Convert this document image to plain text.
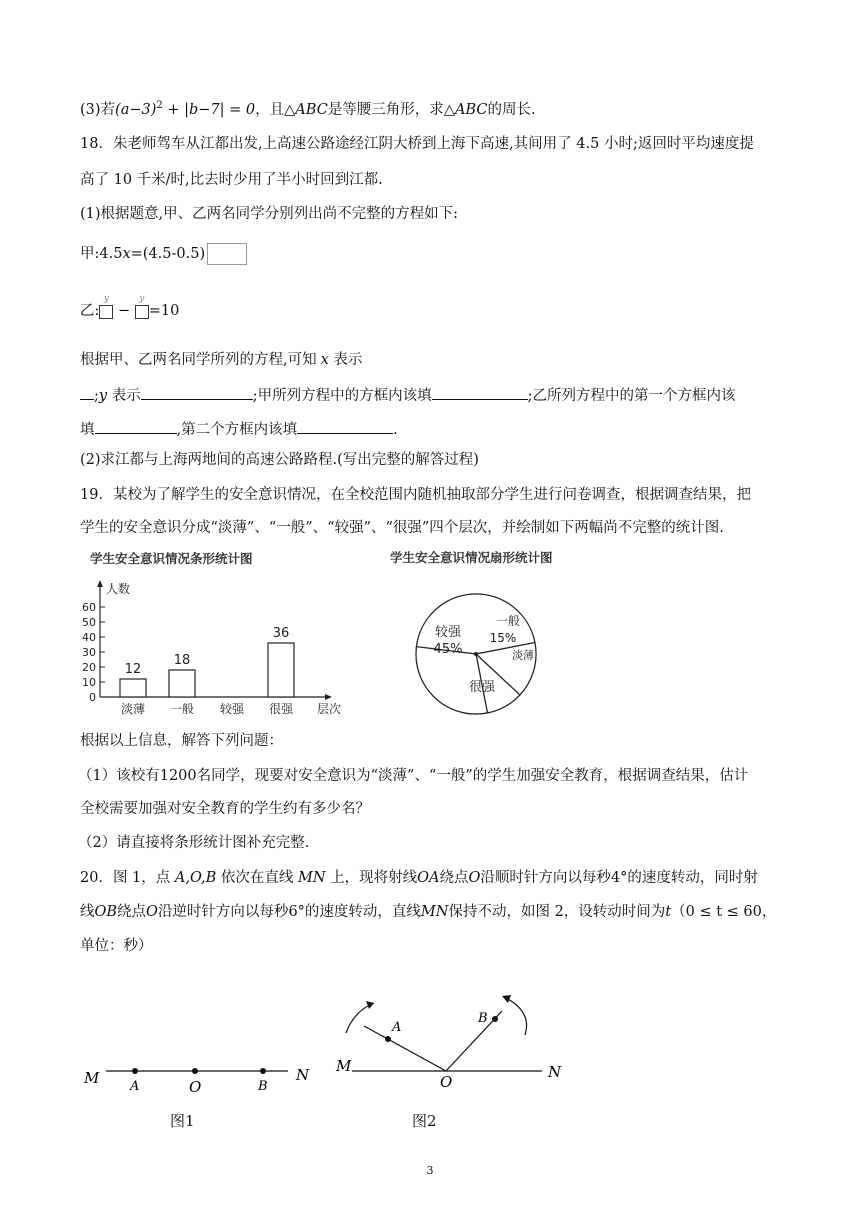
(3)若$(a-3)^2 + |b-7| = 0$，且△ABC是等腰三角形，求△ABC的周长.
18．朱老师驾车从江都出发,上高速公路途经江阴大桥到上海下高速,其间用了 4.5 小时;返回时平均速度提
高了 10 千米/时,比去时少用了半小时回到江都.
(1)根据题意,甲、乙两名同学分别列出尚不完整的方程如下:
甲:4.5x=(4.5-0.5)
乙:
y
−
y
=10
根据甲、乙两名同学所列的方程,可知 x 表示
;y 表示	;甲所列方程中的方框内该填	;乙所列方程中的第一个方框内该
填	,第二个方框内该填	.
(2)求江都与上海两地间的高速公路路程.(写出完整的解答过程)
19．某校为了解学生的安全意识情况，在全校范围内随机抽取部分学生进行问卷调查，根据调查结果，把
学生的安全意识分成“淡薄”、“一般”、“较强”、“很强”四个层次，并绘制如下两幅尚不完整的统计图.
学生安全意识情况条形统计图	学生安全意识情况扇形统计图
人数
层次
0
10
20
30
40
50
60
淡薄
12
一般
18
较强 很强
36	较强
45%
一般
15%
淡薄
很强
根据以上信息，解答下列问题：
（1）该校有1200名同学，现要对安全意识为“淡薄”、“一般”的学生加强安全教育，根据调查结果，估计
全校需要加强对安全教育的学生约有多少名？
（2）请直接将条形统计图补充完整.
20．图 1，点 A,O,B 依次在直线 MN 上，现将射线OA绕点O沿顺时针方向以每秒4°的速度转动，同时射
线OB绕点O沿逆时针方向以每秒6°的速度转动，直线MN保持不动，如图 2，设转动时间为t（0 ≤ t ≤ 60，
单位：秒）
M A	O	B
N
图1
M
A
B
O
N
图2
3
